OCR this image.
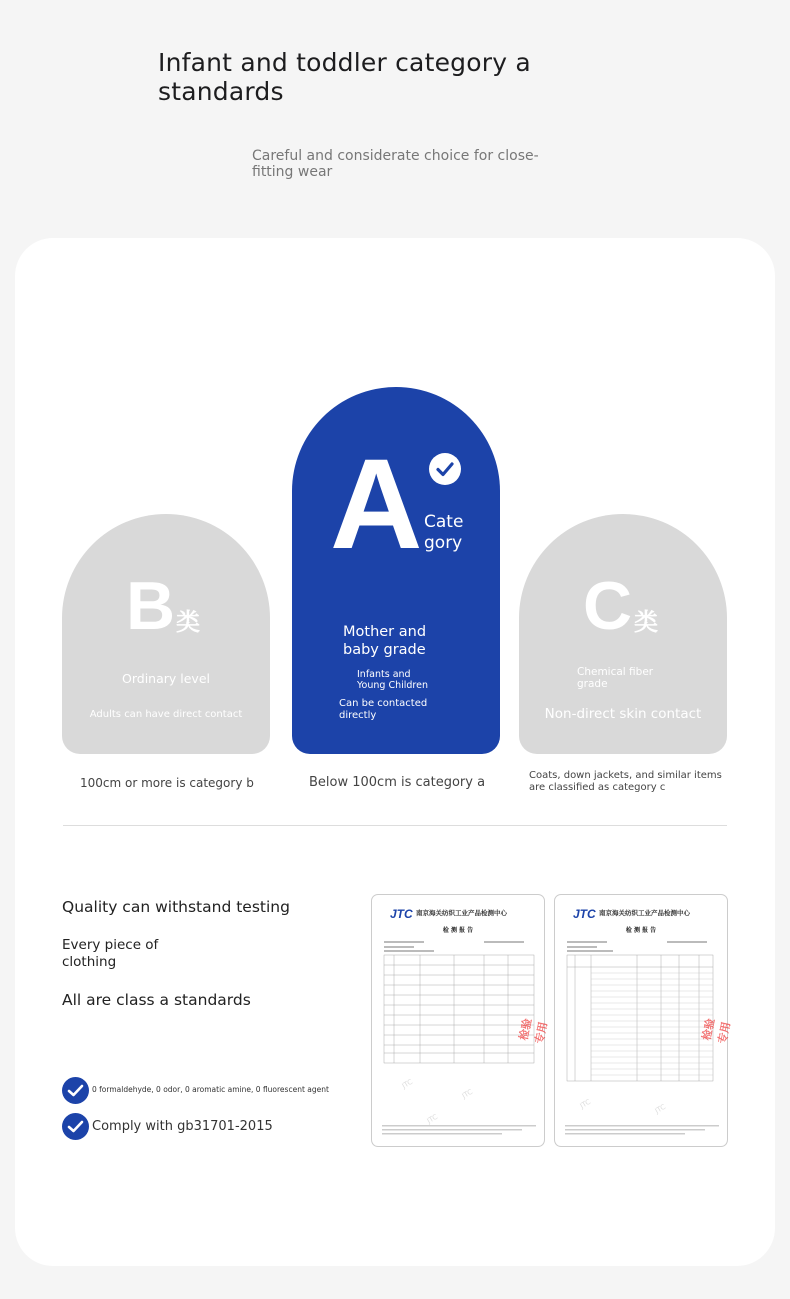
Infant and toddler category a standards
Careful and considerate choice for close-fitting wear
B 类
Ordinary level
Adults can have direct contact
A Cate
gory
Mother and
baby grade
Infants and
Young Children
Can be contacted
directly
C 类
Chemical fiber
grade
Non-direct skin contact
100cm or more is category b	Below 100cm is category a	Coats, down jackets, and similar items
are classified as category c
Quality can withstand testing
Every piece of
clothing
All are class a standards
0 formaldehyde, 0 odor, 0 aromatic amine, 0 fluorescent agent
Comply with gb31701-2015
JTC 南京海关纺织工业产品检测中心
检 测 报 告
检验专用
JTC
JTC
JTC
JTC 南京海关纺织工业产品检测中心
检 测 报 告
检验专用
JTC	JTC
